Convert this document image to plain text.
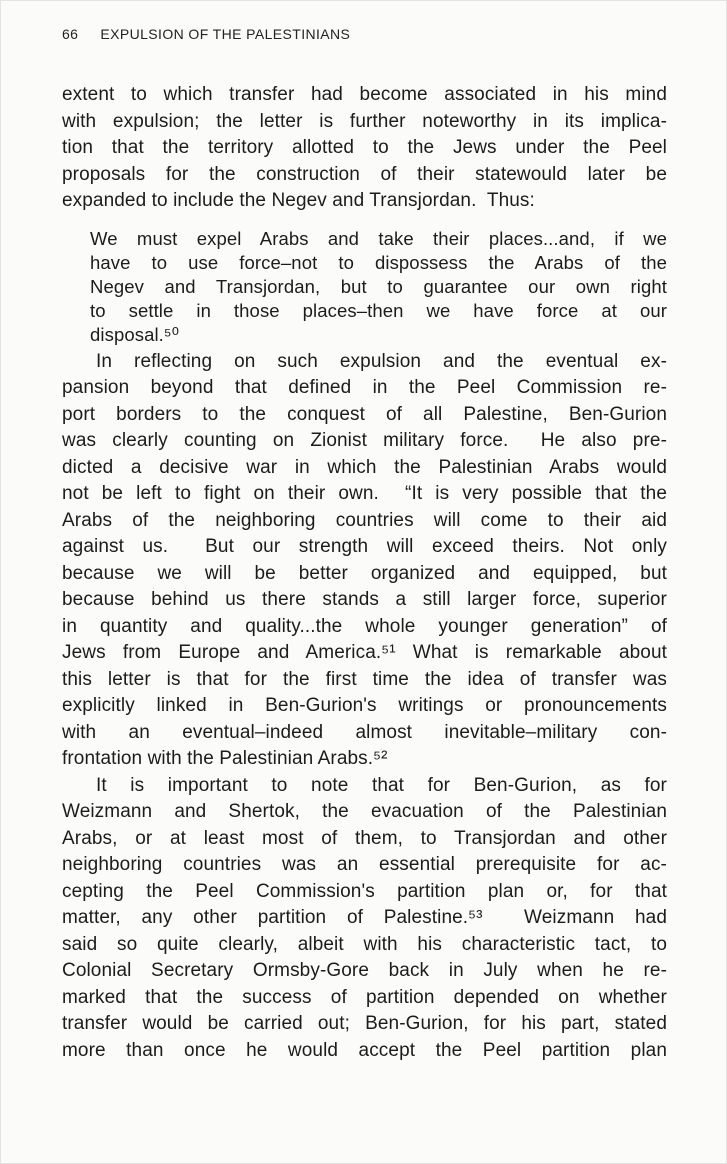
66 EXPULSION OF THE PALESTINIANS
extent to which transfer had become associated in his mind
with expulsion; the letter is further noteworthy in its implica-
tion that the territory allotted to the Jews under the Peel
proposals for the construction of their statewould later be
expanded to include the Negev and Transjordan.  Thus:
We must expel Arabs and take their places...and, if we
have to use force–not to dispossess the Arabs of the
Negev and Transjordan, but to guarantee our own right
to settle in those places–then we have force at our
disposal.⁵⁰
In reflecting on such expulsion and the eventual ex-
pansion beyond that defined in the Peel Commission re-
port borders to the conquest of all Palestine, Ben-Gurion
was clearly counting on Zionist military force.  He also pre-
dicted a decisive war in which the Palestinian Arabs would
not be left to fight on their own.  “It is very possible that the
Arabs of the neighboring countries will come to their aid
against us.  But our strength will exceed theirs. Not only
because we will be better organized and equipped, but
because behind us there stands a still larger force, superior
in quantity and quality...the whole younger generation” of
Jews from Europe and America.⁵¹ What is remarkable about
this letter is that for the first time the idea of transfer was
explicitly linked in Ben-Gurion's writings or pronouncements
with an eventual–indeed almost inevitable–military con-
frontation with the Palestinian Arabs.⁵²
It is important to note that for Ben-Gurion, as for
Weizmann and Shertok, the evacuation of the Palestinian
Arabs, or at least most of them, to Transjordan and other
neighboring countries was an essential prerequisite for ac-
cepting the Peel Commission's partition plan or, for that
matter, any other partition of Palestine.⁵³  Weizmann had
said so quite clearly, albeit with his characteristic tact, to
Colonial Secretary Ormsby-Gore back in July when he re-
marked that the success of partition depended on whether
transfer would be carried out; Ben-Gurion, for his part, stated
more than once he would accept the Peel partition plan
